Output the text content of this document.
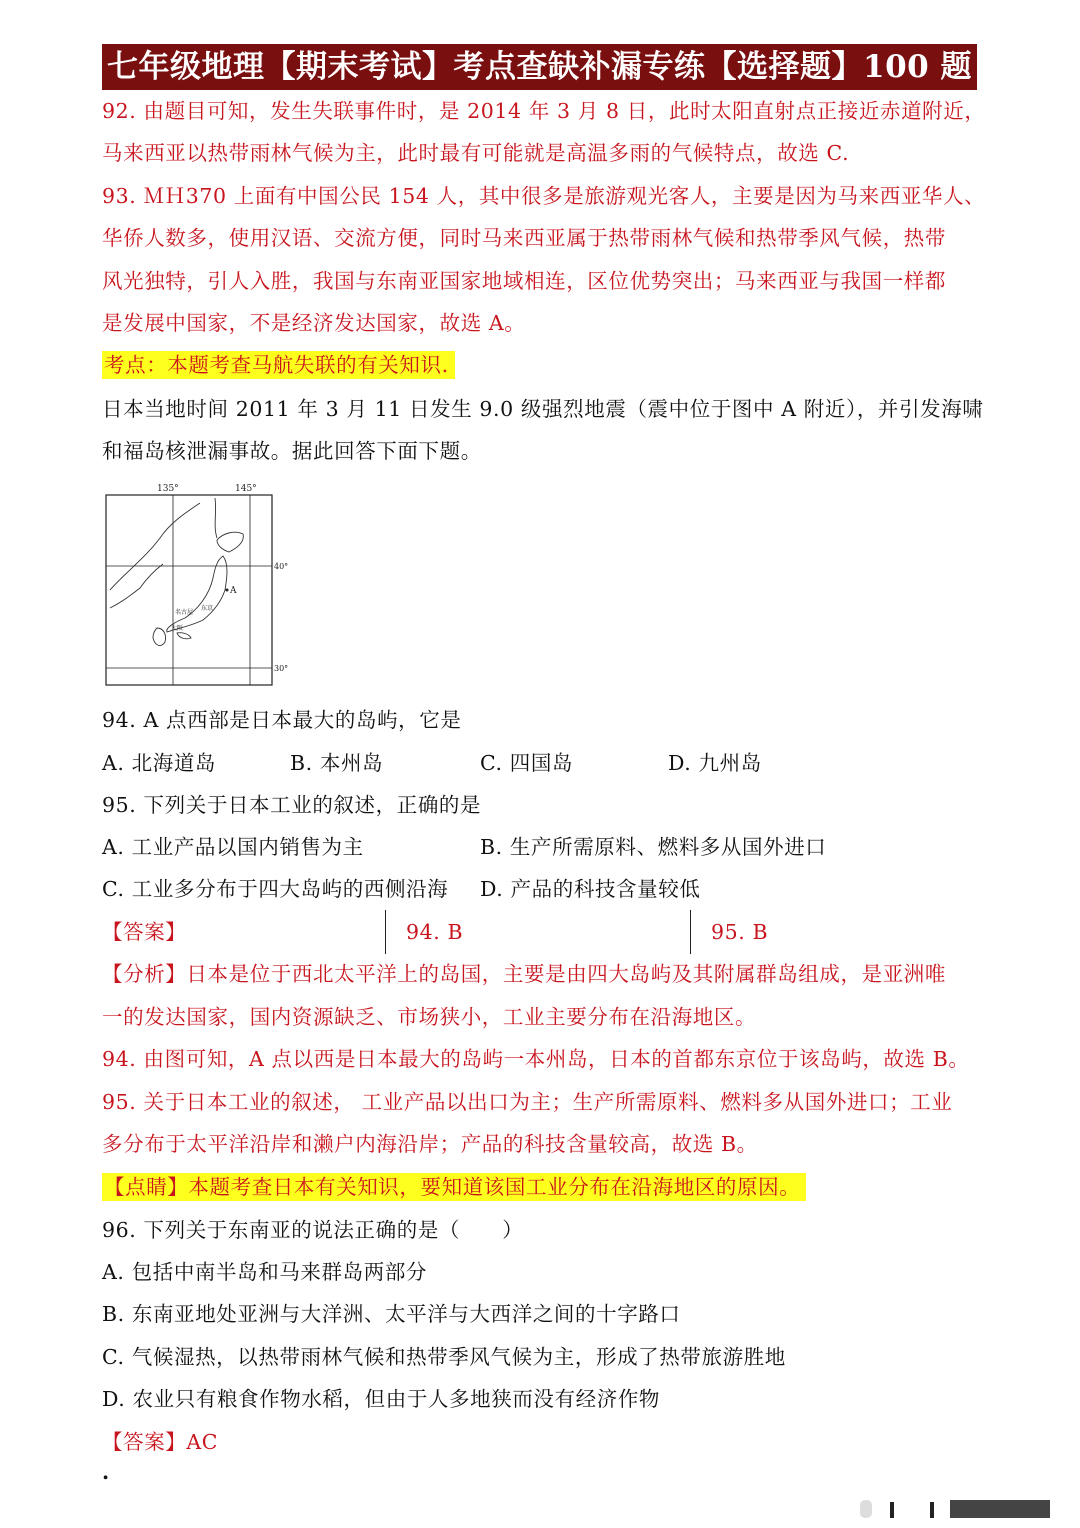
七年级地理【期末考试】考点查缺补漏专练【选择题】100 题
92. 由题目可知，发生失联事件时，是 2014 年 3 月 8 日，此时太阳直射点正接近赤道附近，
马来西亚以热带雨林气候为主，此时最有可能就是高温多雨的气候特点，故选 C.
93. ＭＨ370 上面有中国公民 154 人，其中很多是旅游观光客人，主要是因为马来西亚华人、
华侨人数多，使用汉语、交流方便，同时马来西亚属于热带雨林气候和热带季风气候，热带
风光独特，引人入胜，我国与东南亚国家地域相连，区位优势突出；马来西亚与我国一样都
是发展中国家，不是经济发达国家，故选 A。
考点：本题考查马航失联的有关知识.
日本当地时间 2011 年 3 月 11 日发生 9.0 级强烈地震（震中位于图中 A 附近），并引发海啸
和福岛核泄漏事故。据此回答下面下题。
135°	145°
40°
30°
A
东京
名古屋
大阪
94. A 点西部是日本最大的岛屿，它是
A. 北海道岛	B. 本州岛	C. 四国岛	D. 九州岛
95. 下列关于日本工业的叙述，正确的是
A. 工业产品以国内销售为主	B. 生产所需原料、燃料多从国外进口
C. 工业多分布于四大岛屿的西侧沿海 D. 产品的科技含量较低
【答案】	94. B	95. B
【分析】日本是位于西北太平洋上的岛国，主要是由四大岛屿及其附属群岛组成，是亚洲唯
一的发达国家，国内资源缺乏、市场狭小，工业主要分布在沿海地区。
94. 由图可知，A 点以西是日本最大的岛屿一本州岛，日本的首都东京位于该岛屿，故选 B。
95. 关于日本工业的叙述， 工业产品以出口为主；生产所需原料、燃料多从国外进口；工业
多分布于太平洋沿岸和濑户内海沿岸；产品的科技含量较高，故选 B。
【点睛】本题考查日本有关知识，要知道该国工业分布在沿海地区的原因。
96. 下列关于东南亚的说法正确的是（　　）
A. 包括中南半岛和马来群岛两部分
B. 东南亚地处亚洲与大洋洲、太平洋与大西洋之间的十字路口
C. 气候湿热，以热带雨林气候和热带季风气候为主，形成了热带旅游胜地
D. 农业只有粮食作物水稻，但由于人多地狭而没有经济作物
【答案】AC
.
